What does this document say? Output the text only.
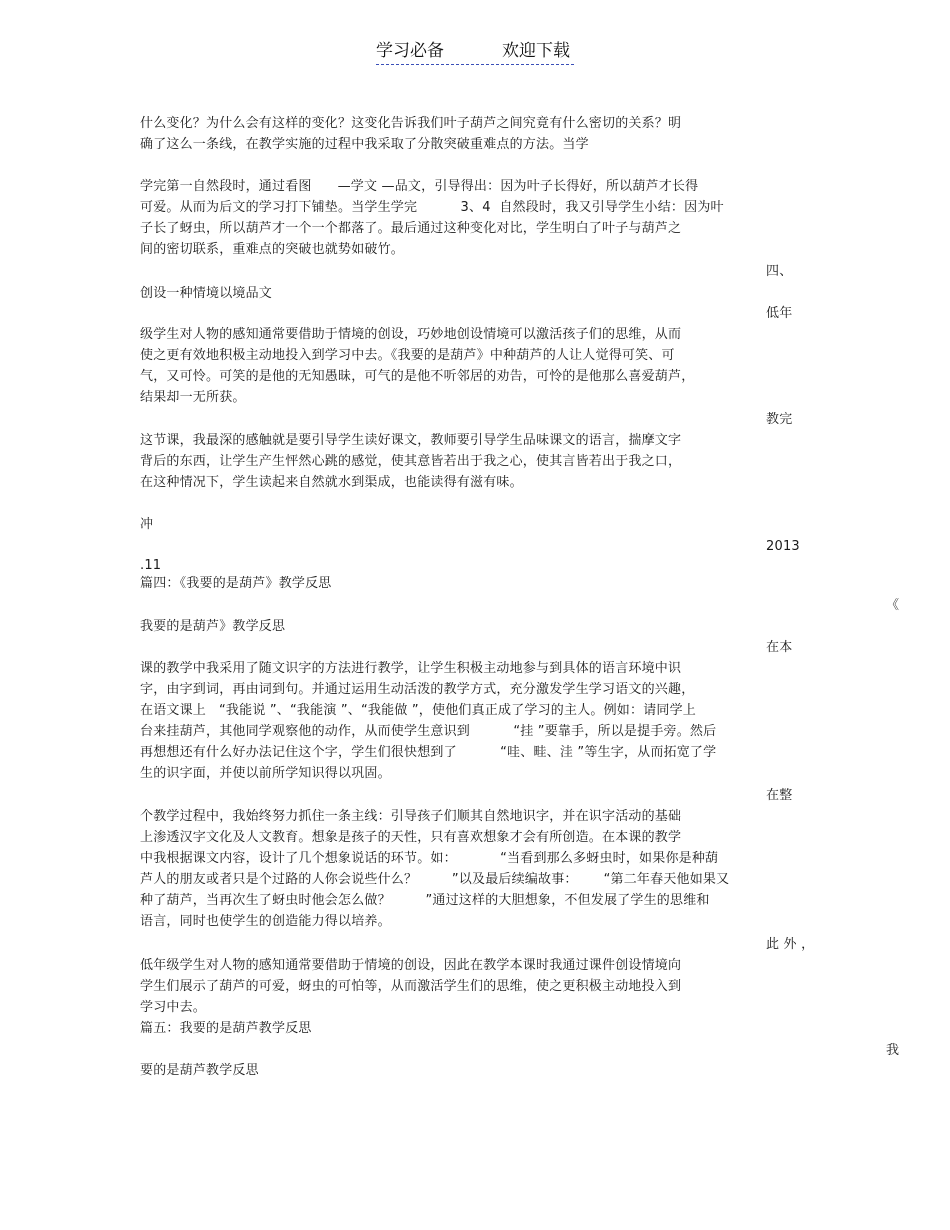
学习必备	欢迎下载
什么变化？为什么会有这样的变化？这变化告诉我们叶子葫芦之间究竟有什么密切的关系？明
确了这么一条线，在教学实施的过程中我采取了分散突破重难点的方法。当学
学完第一自然段时，通过看图      —学文 —品文，引导得出：因为叶子长得好，所以葫芦才长得
可爱。从而为后文的学习打下铺垫。当学生学完          3、4  自然段时，我又引导学生小结：因为叶
子长了蚜虫，所以葫芦才一个一个都落了。最后通过这种变化对比，学生明白了叶子与葫芦之
间的密切联系，重难点的突破也就势如破竹。
四、
创设一种情境以境品文
低年
级学生对人物的感知通常要借助于情境的创设，巧妙地创设情境可以激活孩子们的思维，从而
使之更有效地积极主动地投入到学习中去。《我要的是葫芦》中种葫芦的人让人觉得可笑、可
气，又可怜。可笑的是他的无知愚昧，可气的是他不听邻居的劝告，可怜的是他那么喜爱葫芦，
结果却一无所获。
教完
这节课，我最深的感触就是要引导学生读好课文，教师要引导学生品味课文的语言，揣摩文字
背后的东西，让学生产生怦然心跳的感觉，使其意皆若出于我之心，使其言皆若出于我之口，
在这种情况下，学生读起来自然就水到渠成，也能读得有滋有味。
冲
2013
.11
篇四：《我要的是葫芦》教学反思
《
我要的是葫芦》教学反思
在本
课的教学中我采用了随文识字的方法进行教学，让学生积极主动地参与到具体的语言环境中识
字，由字到词，再由词到句。并通过运用生动活泼的教学方式，充分激发学生学习语文的兴趣，
在语文课上   “我能说 ”、“我能演 ”、“我能做 ”，使他们真正成了学习的主人。例如：请同学上
台来挂葫芦，其他同学观察他的动作，从而使学生意识到          “挂 ”要靠手，所以是提手旁。然后
再想想还有什么好办法记住这个字，学生们很快想到了          “哇、畦、洼 ”等生字，从而拓宽了学
生的识字面，并使以前所学知识得以巩固。
在整
个教学过程中，我始终努力抓住一条主线：引导孩子们顺其自然地识字，并在识字活动的基础
上渗透汉字文化及人文教育。想象是孩子的天性，只有喜欢想象才会有所创造。在本课的教学
中我根据课文内容，设计了几个想象说话的环节。如：          “当看到那么多蚜虫时，如果你是种葫
芦人的朋友或者只是个过路的人你会说些什么？        ”以及最后续编故事：      “第二年春天他如果又
种了葫芦，当再次生了蚜虫时他会怎么做？        ”通过这样的大胆想象，不但发展了学生的思维和
语言，同时也使学生的创造能力得以培养。
此 外 ，
低年级学生对人物的感知通常要借助于情境的创设，因此在教学本课时我通过课件创设情境向
学生们展示了葫芦的可爱，蚜虫的可怕等，从而激活学生们的思维，使之更积极主动地投入到
学习中去。
篇五：我要的是葫芦教学反思
我
要的是葫芦教学反思
